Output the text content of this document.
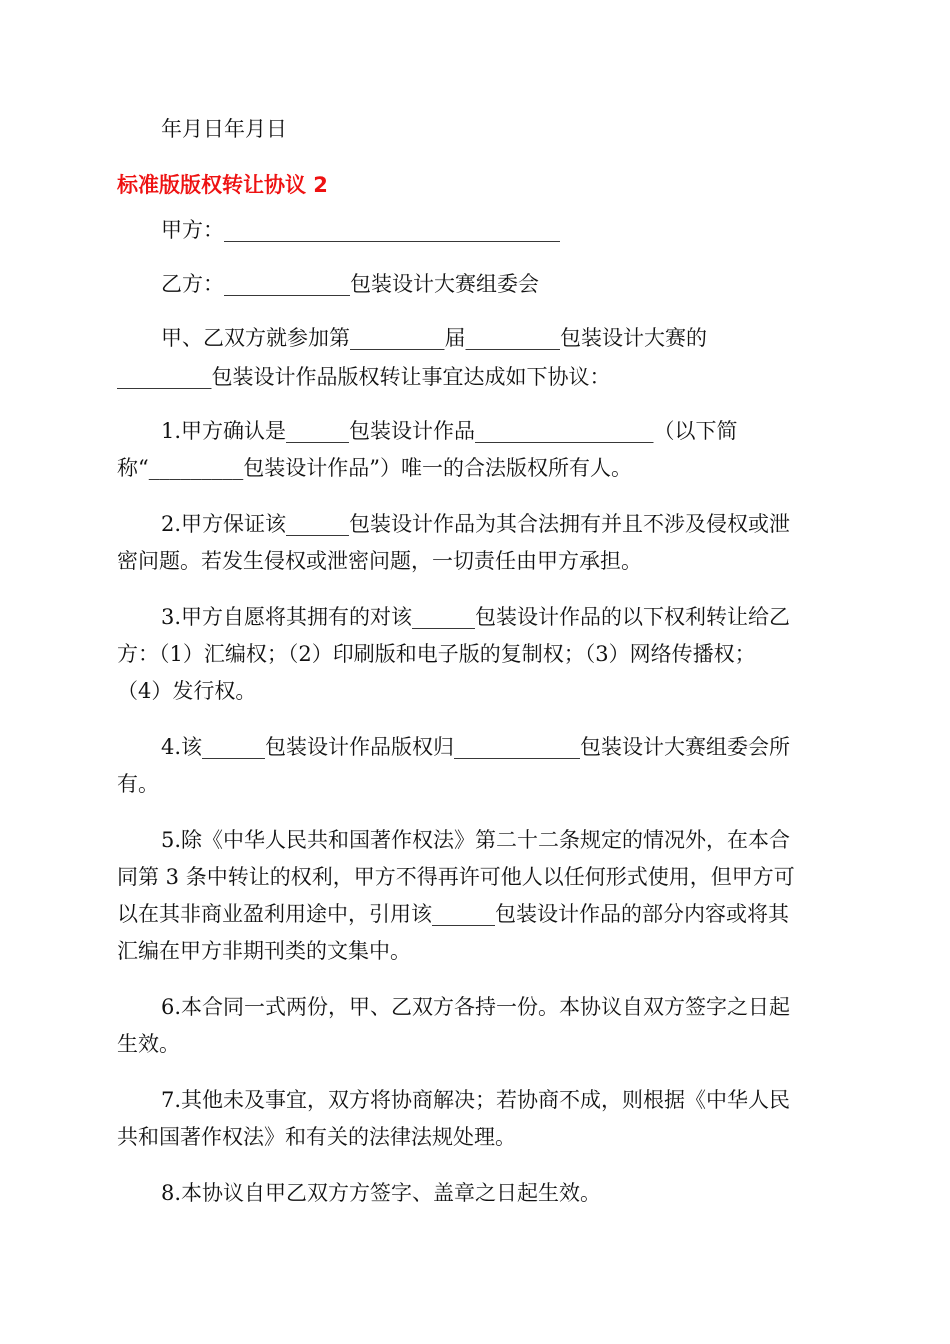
年月日年月日
标准版版权转让协议 2
甲方：________________________________
乙方：____________包装设计大赛组委会
甲、乙双方就参加第_________届_________包装设计大赛的
_________包装设计作品版权转让事宜达成如下协议：
1.甲方确认是______包装设计作品_________________（以下简
称“_________包装设计作品”）唯一的合法版权所有人。
2.甲方保证该______包装设计作品为其合法拥有并且不涉及侵权或泄
密问题。若发生侵权或泄密问题，一切责任由甲方承担。
3.甲方自愿将其拥有的对该______包装设计作品的以下权利转让给乙
方：（1）汇编权；（2）印刷版和电子版的复制权；（3）网络传播权；
（4）发行权。
4.该______包装设计作品版权归____________包装设计大赛组委会所
有。
5.除《中华人民共和国著作权法》第二十二条规定的情况外，在本合
同第 3 条中转让的权利，甲方不得再许可他人以任何形式使用，但甲方可
以在其非商业盈利用途中，引用该______包装设计作品的部分内容或将其
汇编在甲方非期刊类的文集中。
6.本合同一式两份，甲、乙双方各持一份。本协议自双方签字之日起
生效。
7.其他未及事宜，双方将协商解决；若协商不成，则根据《中华人民
共和国著作权法》和有关的法律法规处理。
8.本协议自甲乙双方方签字、盖章之日起生效。
